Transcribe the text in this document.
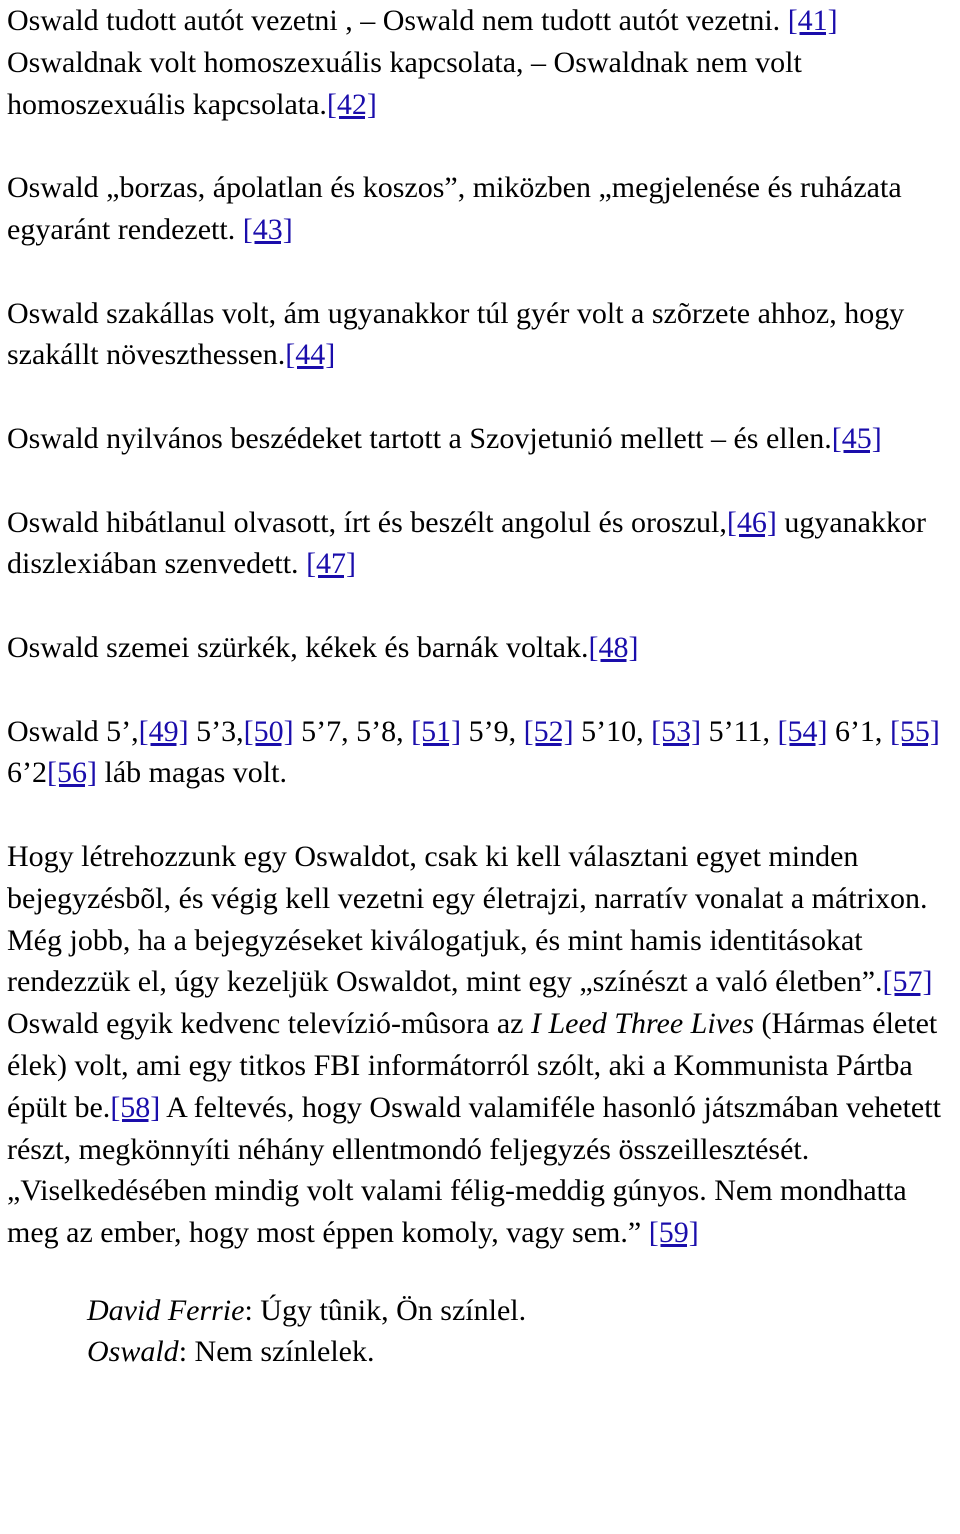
Oswald tudott autót vezetni , – Oswald nem tudott autót vezetni. [41]
Oswaldnak volt homoszexuális kapcsolata, – Oswaldnak nem volt homoszexuális kapcsolata.[42]

Oswald „borzas, ápolatlan és koszos”, miközben „megjelenése és ruházata egyaránt rendezett. [43]

Oswald szakállas volt, ám ugyanakkor túl gyér volt a szõrzete ahhoz, hogy szakállt növeszthessen.[44]

Oswald nyilvános beszédeket tartott a Szovjetunió mellett – és ellen.[45]

Oswald hibátlanul olvasott, írt és beszélt angolul és oroszul,[46] ugyanakkor diszlexiában szenvedett. [47]

Oswald szemei szürkék, kékek és barnák voltak.[48]

Oswald 5’,[49] 5’3,[50] 5’7, 5’8, [51] 5’9, [52] 5’10, [53] 5’11, [54] 6’1, [55] 6’2[56] láb magas volt.

Hogy létrehozzunk egy Oswaldot, csak ki kell választani egyet minden bejegyzésbõl, és végig kell vezetni egy életrajzi, narratív vonalat a mátrixon. Még jobb, ha a bejegyzéseket kiválogatjuk, és mint hamis identitásokat rendezzük el, úgy kezeljük Oswaldot, mint egy „színészt a való életben”.[57] Oswald egyik kedvenc televízió-mûsora az I Leed Three Lives (Hármas életet élek) volt, ami egy titkos FBI informátorról szólt, aki a Kommunista Pártba épült be.[58] A feltevés, hogy Oswald valamiféle hasonló játszmában vehetett részt, megkönnyíti néhány ellentmondó feljegyzés összeillesztését. „Viselkedésében mindig volt valami félig-meddig gúnyos. Nem mondhatta meg az ember, hogy most éppen komoly, vagy sem.” [59]

David Ferrie: Úgy tûnik, Ön színlel.
Oswald: Nem színlelek.
